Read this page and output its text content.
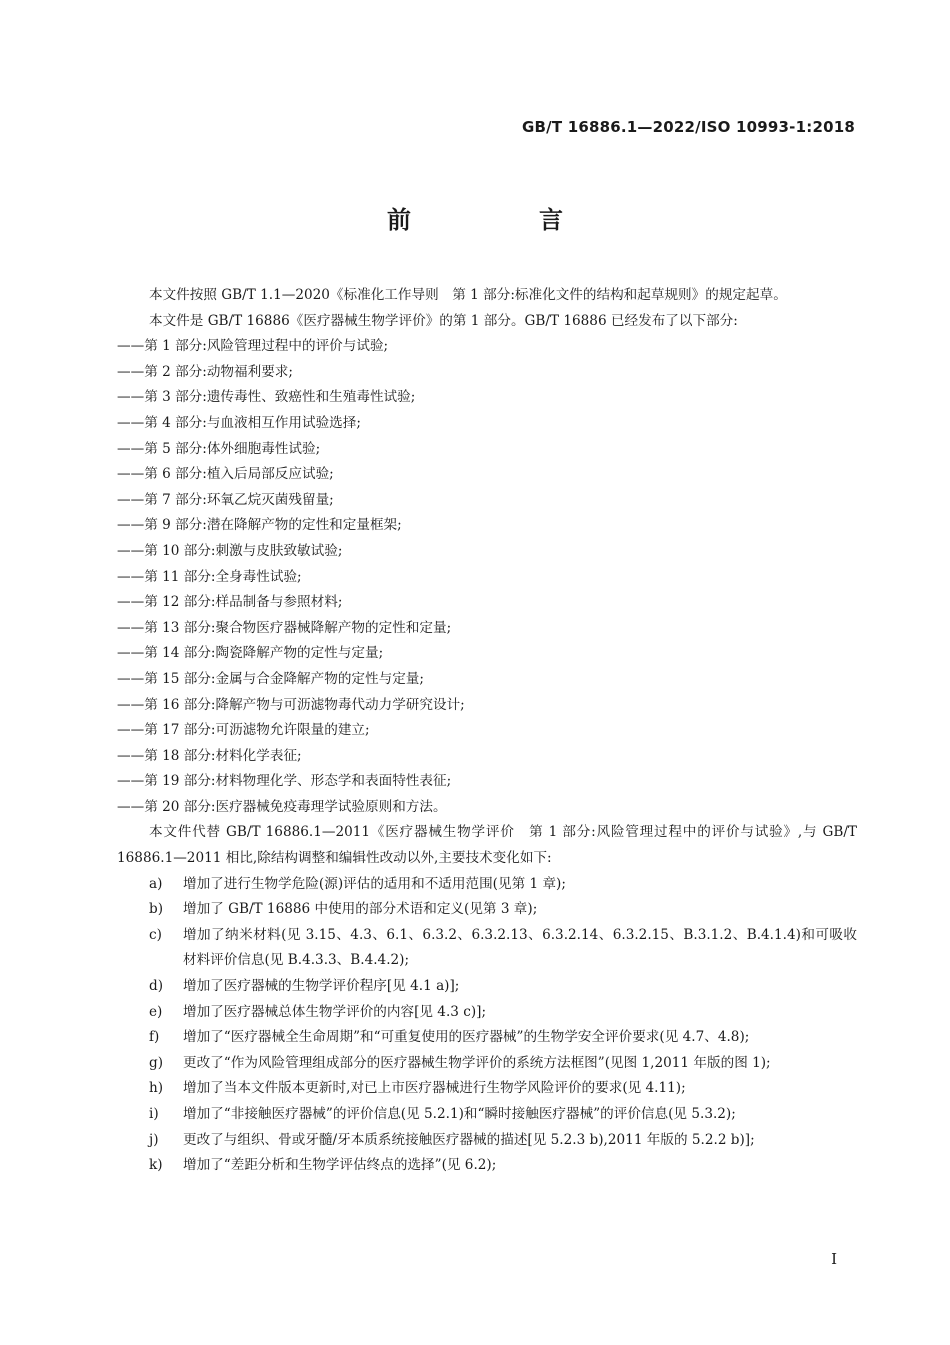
GB/T 16886.1—2022/ISO 10993-1:2018
前　言

本文件按照 GB/T 1.1—2020《标准化工作导则　第 1 部分:标准化文件的结构和起草规则》的规定起草。

本文件是 GB/T 16886《医疗器械生物学评价》的第 1 部分。GB/T 16886 已经发布了以下部分:

——第 1 部分:风险管理过程中的评价与试验;

——第 2 部分:动物福利要求;

——第 3 部分:遗传毒性、致癌性和生殖毒性试验;

——第 4 部分:与血液相互作用试验选择;

——第 5 部分:体外细胞毒性试验;

——第 6 部分:植入后局部反应试验;

——第 7 部分:环氧乙烷灭菌残留量;

——第 9 部分:潜在降解产物的定性和定量框架;

——第 10 部分:刺激与皮肤致敏试验;

——第 11 部分:全身毒性试验;

——第 12 部分:样品制备与参照材料;

——第 13 部分:聚合物医疗器械降解产物的定性和定量;

——第 14 部分:陶瓷降解产物的定性与定量;

——第 15 部分:金属与合金降解产物的定性与定量;

——第 16 部分:降解产物与可沥滤物毒代动力学研究设计;

——第 17 部分:可沥滤物允许限量的建立;

——第 18 部分:材料化学表征;

——第 19 部分:材料物理化学、形态学和表面特性表征;

——第 20 部分:医疗器械免疫毒理学试验原则和方法。

本文件代替 GB/T 16886.1—2011《医疗器械生物学评价　第 1 部分:风险管理过程中的评价与试验》,与 GB/T 16886.1—2011 相比,除结构调整和编辑性改动以外,主要技术变化如下:

a)	增加了进行生物学危险(源)评估的适用和不适用范围(见第 1 章);
b)	增加了 GB/T 16886 中使用的部分术语和定义(见第 3 章);
c)	增加了纳米材料(见 3.15、4.3、6.1、6.3.2、6.3.2.13、6.3.2.14、6.3.2.15、B.3.1.2、B.4.1.4)和可吸收材料评价信息(见 B.4.3.3、B.4.4.2);
d)	增加了医疗器械的生物学评价程序[见 4.1 a)];
e)	增加了医疗器械总体生物学评价的内容[见 4.3 c)];
f)	增加了“医疗器械全生命周期”和“可重复使用的医疗器械”的生物学安全评价要求(见 4.7、4.8);
g)	更改了“作为风险管理组成部分的医疗器械生物学评价的系统方法框图”(见图 1,2011 年版的图 1);
h)	增加了当本文件版本更新时,对已上市医疗器械进行生物学风险评价的要求(见 4.11);
i)	增加了“非接触医疗器械”的评价信息(见 5.2.1)和“瞬时接触医疗器械”的评价信息(见 5.3.2);
j)	更改了与组织、骨或牙髓/牙本质系统接触医疗器械的描述[见 5.2.3 b),2011 年版的 5.2.2 b)];
k)	增加了“差距分析和生物学评估终点的选择”(见 6.2);
I
